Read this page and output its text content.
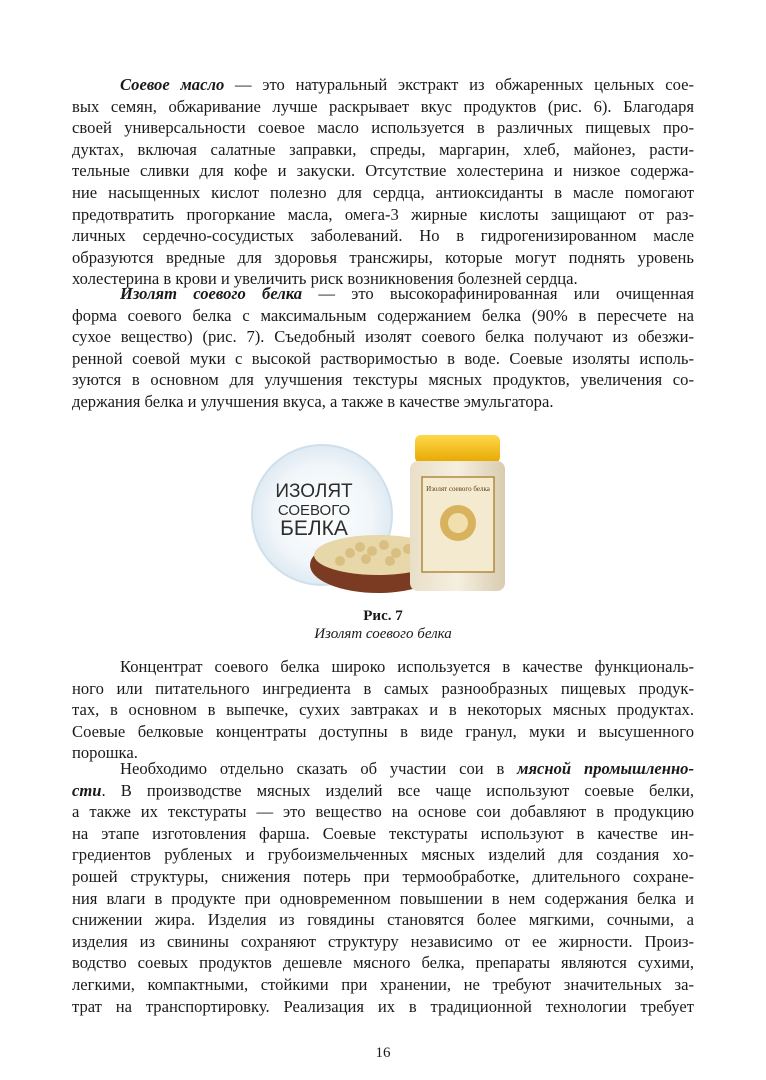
Соевое масло — это натуральный экстракт из обжаренных цельных сое-
вых семян, обжаривание лучше раскрывает вкус продуктов (рис. 6). Благодаря
своей универсальности соевое масло используется в различных пищевых про-
дуктах, включая салатные заправки, спреды, маргарин, хлеб, майонез, расти-
тельные сливки для кофе и закуски. Отсутствие холестерина и низкое содержа-
ние насыщенных кислот полезно для сердца, антиоксиданты в масле помогают
предотвратить прогоркание масла, омега-3 жирные кислоты защищают от раз-
личных сердечно-сосудистых заболеваний. Но в гидрогенизированном масле
образуются вредные для здоровья трансжиры, которые могут поднять уровень
холестерина в крови и увеличить риск возникновения болезней сердца.

Изолят соевого белка — это высокорафинированная или очищенная
форма соевого белка с максимальным содержанием белка (90% в пересчете на
сухое вещество) (рис. 7). Съедобный изолят соевого белка получают из обезжи-
ренной соевой муки с высокой растворимостью в воде. Соевые изоляты исполь-
зуются в основном для улучшения текстуры мясных продуктов, увеличения со-
держания белка и улучшения вкуса, а также в качестве эмульгатора.

Изолят соевого белка
ИЗОЛЯТ
СОЕВОГО
БЕЛКА
Рис. 7
Изолят соевого белка

Концентрат соевого белка широко используется в качестве функциональ-
ного или питательного ингредиента в самых разнообразных пищевых продук-
тах, в основном в выпечке, сухих завтраках и в некоторых мясных продуктах.
Соевые белковые концентраты доступны в виде гранул, муки и высушенного
порошка.

Необходимо отдельно сказать об участии сои в мясной промышленно-
сти. В производстве мясных изделий все чаще используют соевые белки,
а также их текстураты — это вещество на основе сои добавляют в продукцию
на этапе изготовления фарша. Соевые текстураты используют в качестве ин-
гредиентов рубленых и грубоизмельченных мясных изделий для создания хо-
рошей структуры, снижения потерь при термообработке, длительного сохране-
ния влаги в продукте при одновременном повышении в нем содержания белка и
снижении жира. Изделия из говядины становятся более мягкими, сочными, а
изделия из свинины сохраняют структуру независимо от ее жирности. Произ-
водство соевых продуктов дешевле мясного белка, препараты являются сухими,
легкими, компактными, стойкими при хранении, не требуют значительных за-
трат на транспортировку. Реализация их в традиционной технологии требует

16
